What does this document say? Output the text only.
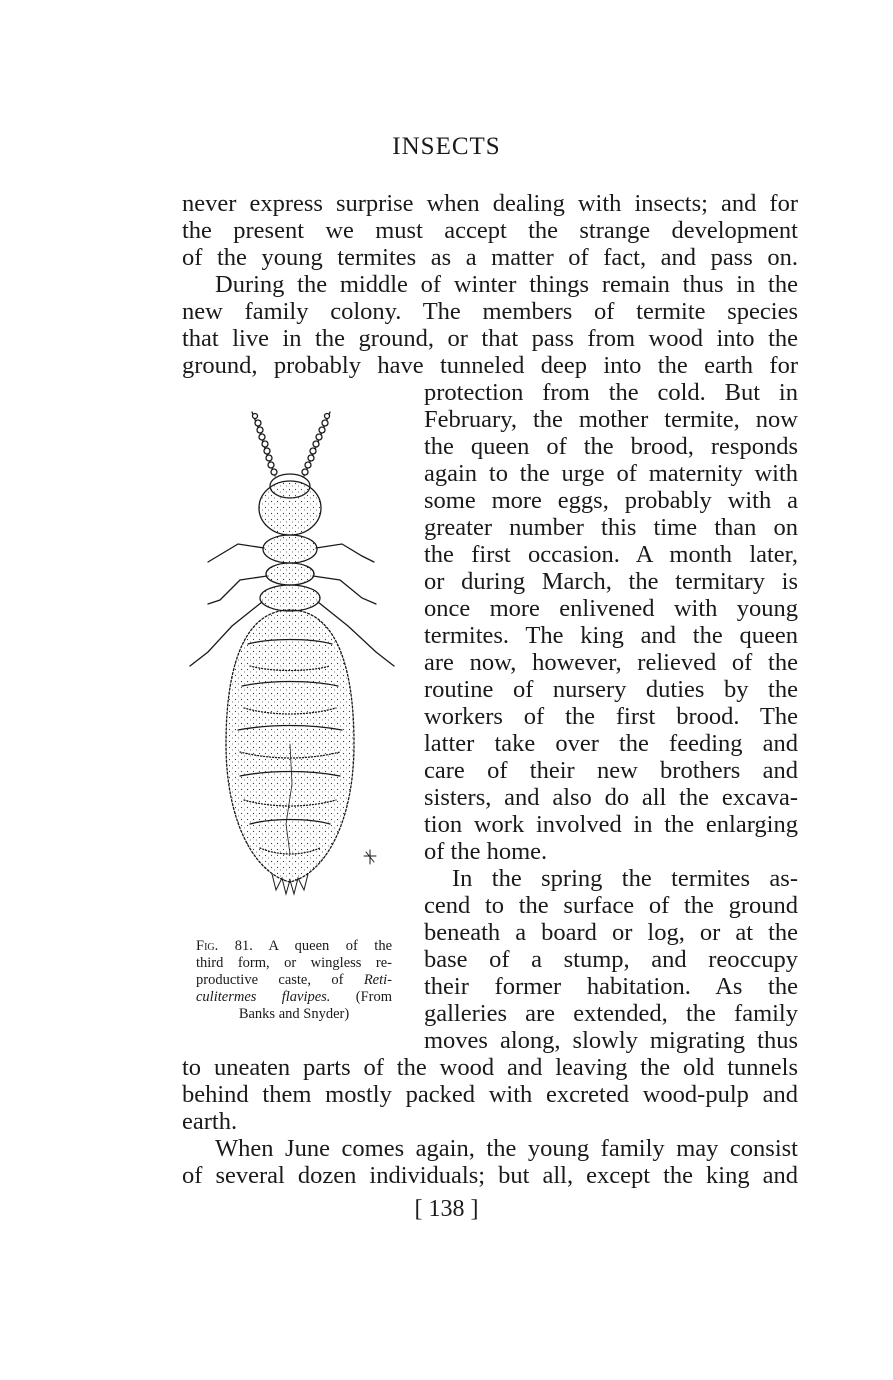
INSECTS
never express surprise when dealing with insects; and for
the present we must accept the strange development
of the young termites as a matter of fact, and pass on.
During the middle of winter things remain thus in the
new family colony. The members of termite species
that live in the ground, or that pass from wood into the
ground, probably have tunneled deep into the earth for
protection from the cold. But in
February, the mother termite, now
the queen of the brood, responds
again to the urge of maternity with
some more eggs, probably with a
greater number this time than on
the first occasion. A month later,
or during March, the termitary is
once more enlivened with young
termites. The king and the queen
are now, however, relieved of the
routine of nursery duties by the
workers of the first brood. The
latter take over the feeding and
care of their new brothers and
sisters, and also do all the excava-
tion work involved in the enlarging
of the home.
In the spring the termites as-
cend to the surface of the ground
beneath a board or log, or at the
base of a stump, and reoccupy
their former habitation. As the
galleries are extended, the family
moves along, slowly migrating thus
to uneaten parts of the wood and leaving the old tunnels
behind them mostly packed with excreted wood-pulp and
earth.
When June comes again, the young family may consist
of several dozen individuals; but all, except the king and
Fig. 81. A queen of the
third form, or wingless re-
productive caste, of Reti-
culitermes flavipes. (From
Banks and Snyder)
[ 138 ]
